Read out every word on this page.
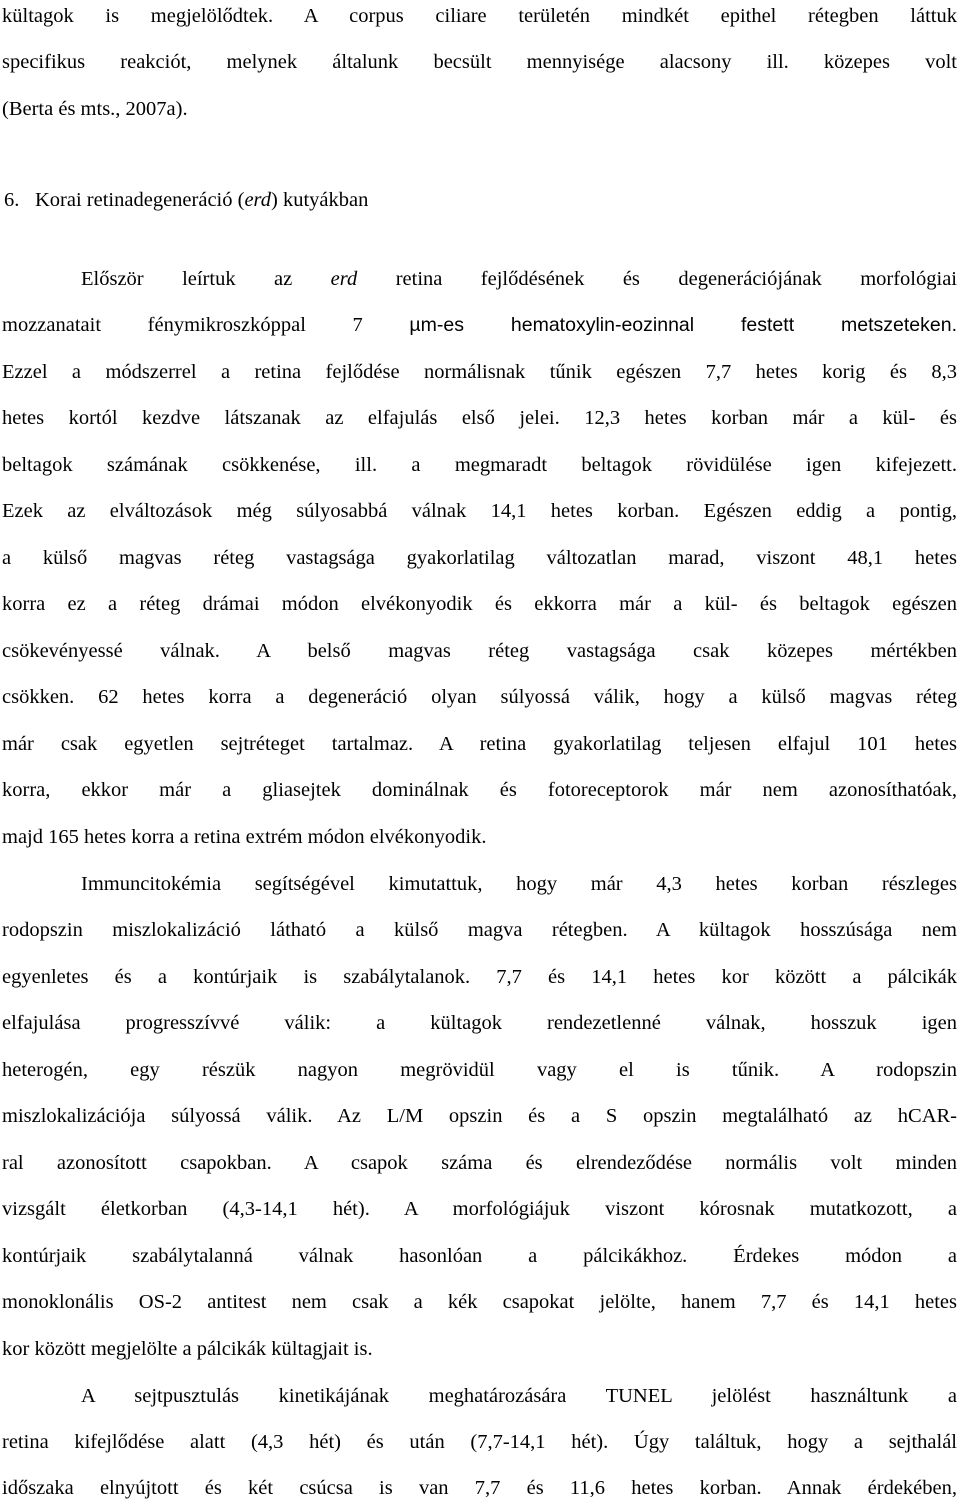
kültagok is megjelölődtek. A corpus ciliare területén mindkét epithel rétegben láttuk
specifikus reakciót, melynek általunk becsült mennyisége alacsony ill. közepes volt
(Berta és mts., 2007a).
6. Korai retinadegeneráció (erd) kutyákban
Először leírtuk az erd retina fejlődésének és degenerációjának morfológiai
mozzanatait fénymikroszkóppal 7 µm-es hematoxylin-eozinnal festett metszeteken.
Ezzel a módszerrel a retina fejlődése normálisnak tűnik egészen 7,7 hetes korig és 8,3
hetes kortól kezdve látszanak az elfajulás első jelei. 12,3 hetes korban már a kül- és
beltagok számának csökkenése, ill. a megmaradt beltagok rövidülése igen kifejezett.
Ezek az elváltozások még súlyosabbá válnak 14,1 hetes korban. Egészen eddig a pontig,
a külső magvas réteg vastagsága gyakorlatilag változatlan marad, viszont 48,1 hetes
korra ez a réteg drámai módon elvékonyodik és ekkorra már a kül- és beltagok egészen
csökevényessé válnak. A belső magvas réteg vastagsága csak közepes mértékben
csökken. 62 hetes korra a degeneráció olyan súlyossá válik, hogy a külső magvas réteg
már csak egyetlen sejtréteget tartalmaz. A retina gyakorlatilag teljesen elfajul 101 hetes
korra, ekkor már a gliasejtek dominálnak és fotoreceptorok már nem azonosíthatóak,
majd 165 hetes korra a retina extrém módon elvékonyodik.
Immuncitokémia segítségével kimutattuk, hogy már 4,3 hetes korban részleges
rodopszin miszlokalizáció látható a külső magva rétegben. A kültagok hosszúsága nem
egyenletes és a kontúrjaik is szabálytalanok. 7,7 és 14,1 hetes kor között a pálcikák
elfajulása progresszívvé válik: a kültagok rendezetlenné válnak, hosszuk igen
heterogén, egy részük nagyon megrövidül vagy el is tűnik. A rodopszin
miszlokalizációja súlyossá válik. Az L/M opszin és a S opszin megtalálható az hCAR-
ral azonosított csapokban. A csapok száma és elrendeződése normális volt minden
vizsgált életkorban (4,3-14,1 hét). A morfológiájuk viszont kórosnak mutatkozott, a
kontúrjaik szabálytalanná válnak hasonlóan a pálcikákhoz. Érdekes módon a
monoklonális OS-2 antitest nem csak a kék csapokat jelölte, hanem 7,7 és 14,1 hetes
kor között megjelölte a pálcikák kültagjait is.
A sejtpusztulás kinetikájának meghatározására TUNEL jelölést használtunk a
retina kifejlődése alatt (4,3 hét) és után (7,7-14,1 hét). Úgy találtuk, hogy a sejthalál
időszaka elnyújtott és két csúcsa is van 7,7 és 11,6 hetes korban. Annak érdekében,
